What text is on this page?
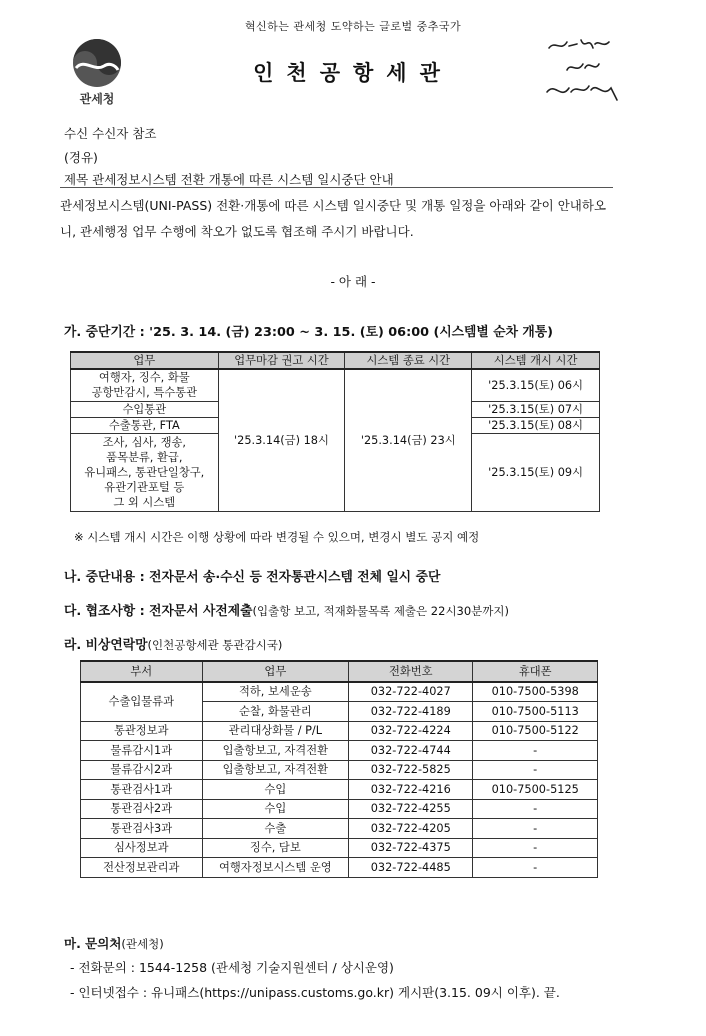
혁신하는 관세청 도약하는 글로벌 중추국가
관세청
인천공항세관
수신 수신자 참조
(경유)
제목 관세정보시스템 전환 개통에 따른 시스템 일시중단 안내
관세정보시스템(UNI-PASS) 전환·개통에 따른 시스템 일시중단 및 개통 일정을 아래와 같이 안내하오니, 관세행정 업무 수행에 착오가 없도록 협조해 주시기 바랍니다.
- 아 래 -
가. 중단기간 : '25. 3. 14. (금) 23:00 ~ 3. 15. (토) 06:00 (시스템별 순차 개통)
업무	업무마감 권고 시간	시스템 종료 시간	시스템 개시 시간
여행자, 징수, 화물
공항만감시, 특수통관	'25.3.14(금) 18시	'25.3.14(금) 23시	'25.3.15(토) 06시
수입통관			'25.3.15(토) 07시
수출통관, FTA			'25.3.15(토) 08시
조사, 심사, 쟁송,
품목분류, 환급,
유니패스, 통관단일창구,
유관기관포털 등
그 외 시스템			'25.3.15(토) 09시
※ 시스템 개시 시간은 이행 상황에 따라 변경될 수 있으며, 변경시 별도 공지 예정
나. 중단내용 : 전자문서 송·수신 등 전자통관시스템 전체 일시 중단
다. 협조사항 : 전자문서 사전제출(입출항 보고, 적재화물목록 제출은 22시30분까지)
라. 비상연락망(인천공항세관 통관감시국)
부서	업무	전화번호	휴대폰
수출입물류과	적하, 보세운송	032-722-4027	010-7500-5398
	순찰, 화물관리	032-722-4189	010-7500-5113
통관정보과	관리대상화물 / P/L	032-722-4224	010-7500-5122
물류감시1과	입출항보고, 자격전환	032-722-4744	-
물류감시2과	입출항보고, 자격전환	032-722-5825	-
통관검사1과	수입	032-722-4216	010-7500-5125
통관검사2과	수입	032-722-4255	-
통관검사3과	수출	032-722-4205	-
심사정보과	징수, 담보	032-722-4375	-
전산정보관리과	여행자정보시스템 운영	032-722-4485	-
마. 문의처(관세청)
- 전화문의 : 1544-1258 (관세청 기술지원센터 / 상시운영)
- 인터넷접수 : 유니패스(https://unipass.customs.go.kr) 게시판(3.15. 09시 이후). 끝.
